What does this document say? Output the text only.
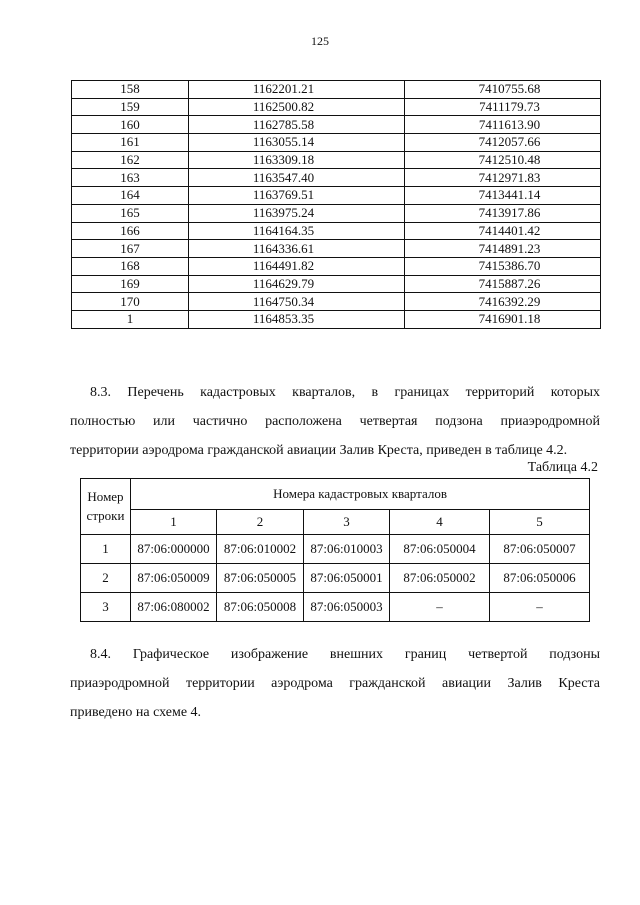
125
158	1162201.21	7410755.68
159	1162500.82	7411179.73
160	1162785.58	7411613.90
161	1163055.14	7412057.66
162	1163309.18	7412510.48
163	1163547.40	7412971.83
164	1163769.51	7413441.14
165	1163975.24	7413917.86
166	1164164.35	7414401.42
167	1164336.61	7414891.23
168	1164491.82	7415386.70
169	1164629.79	7415887.26
170	1164750.34	7416392.29
1	1164853.35	7416901.18
8.3. Перечень кадастровых кварталов, в границах территорий которых
полностью или частично расположена четвертая подзона приаэродромной
территории аэродрома гражданской авиации Залив Креста, приведен в таблице 4.2.
Таблица 4.2
Номер строки	Номера кадастровых кварталов				
	1	2	3	4	5
1	87:06:000000	87:06:010002	87:06:010003	87:06:050004	87:06:050007
2	87:06:050009	87:06:050005	87:06:050001	87:06:050002	87:06:050006
3	87:06:080002	87:06:050008	87:06:050003	–	–
8.4. Графическое изображение внешних границ четвертой подзоны
приаэродромной территории аэродрома гражданской авиации Залив Креста
приведено на схеме 4.
